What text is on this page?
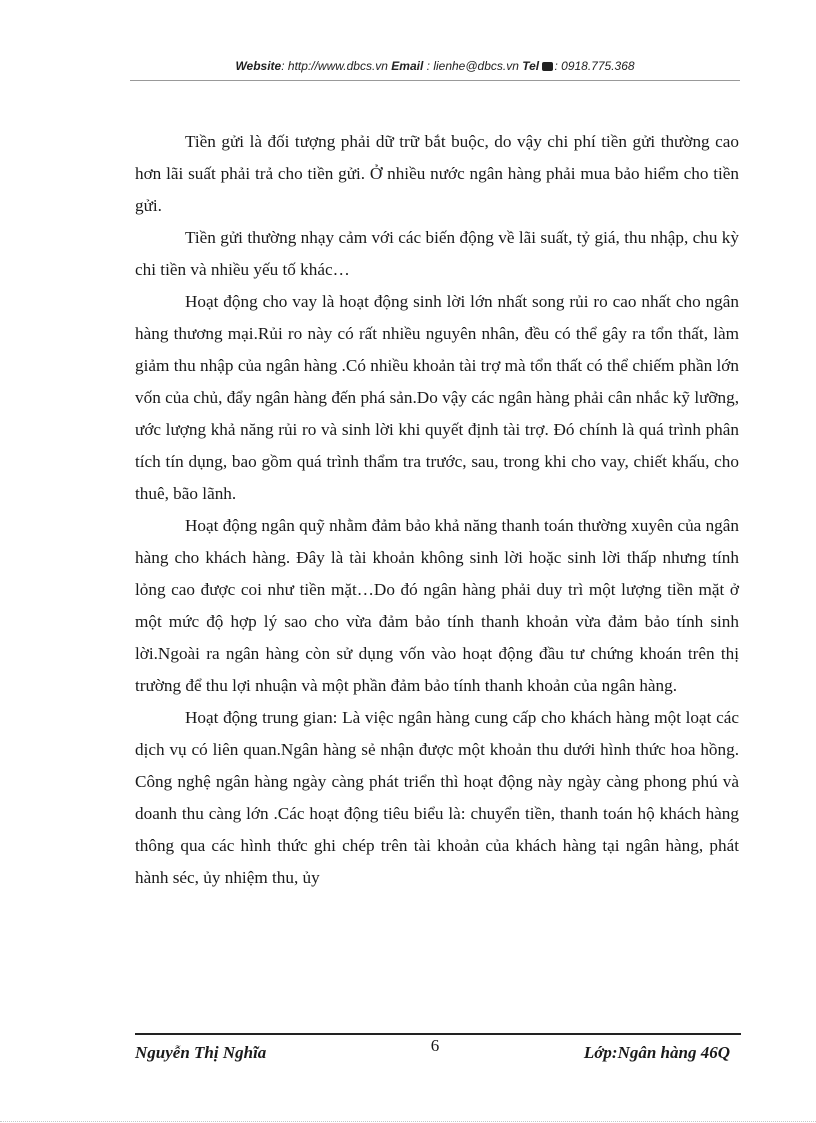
Website: http://www.dbcs.vn Email : lienhe@dbcs.vn Tel : 0918.775.368

Tiền gửi là đối tượng phải dữ trữ bắt buộc, do vậy chi phí tiền gửi thường cao hơn lãi suất phải trả cho tiền gửi. Ở nhiều nước ngân hàng phải mua bảo hiểm cho tiền gửi.

Tiền gửi thường nhạy cảm với các biến động về lãi suất, tỷ giá, thu nhập, chu kỳ chi tiền và nhiều yếu tố khác…

Hoạt động cho vay là hoạt động sinh lời lớn nhất song rủi ro cao nhất cho ngân hàng thương mại.Rủi ro này có rất nhiều nguyên nhân, đều có thể gây ra tổn thất, làm giảm thu nhập của ngân hàng .Có nhiều khoản tài trợ mà tổn thất có thể chiếm phần lớn vốn của chủ, đẩy ngân hàng đến phá sản.Do vậy các ngân hàng phải cân nhắc kỹ lưỡng, ước lượng khả năng rủi ro và sinh lời khi quyết định tài trợ. Đó chính là quá trình phân tích tín dụng, bao gồm quá trình thẩm tra trước, sau, trong khi cho vay, chiết khấu, cho thuê, bão lãnh.

Hoạt động ngân quỹ nhằm đảm bảo khả năng thanh toán thường xuyên của ngân hàng cho khách hàng. Đây là tài khoản không sinh lời hoặc sinh lời thấp nhưng tính lỏng cao được coi như tiền mặt…Do đó ngân hàng phải duy trì một lượng tiền mặt ở một mức độ hợp lý sao cho vừa đảm bảo tính thanh khoản vừa đảm bảo tính sinh lời.Ngoài ra ngân hàng còn sử dụng vốn vào hoạt động đầu tư chứng khoán trên thị trường để thu lợi nhuận và một phần đảm bảo tính thanh khoản của ngân hàng.

Hoạt động trung gian: Là việc ngân hàng cung cấp cho khách hàng một loạt các dịch vụ có liên quan.Ngân hàng sẻ nhận được một khoản thu dưới hình thức hoa hồng. Công nghệ ngân hàng ngày càng phát triển thì hoạt động này ngày càng phong phú và doanh thu càng lớn .Các hoạt động tiêu biểu là: chuyển tiền, thanh toán hộ khách hàng thông qua các hình thức ghi chép trên tài khoản của khách hàng tại ngân hàng, phát hành séc, ủy nhiệm thu, ủy

Nguyễn Thị Nghĩa	6	Lớp:Ngân hàng 46Q
